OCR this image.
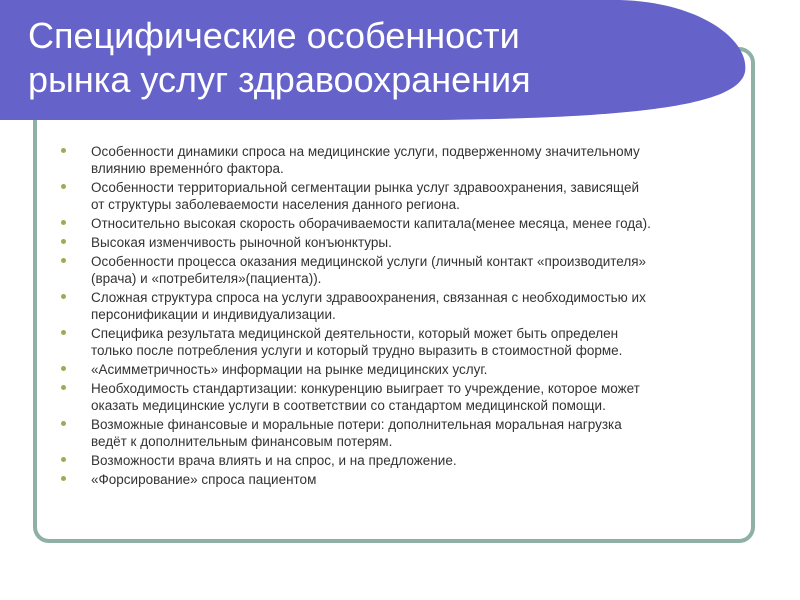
Специфические особенности
рынка услуг здравоохранения
Особенности динамики спроса на медицинские услуги, подверженному значительному
влиянию временно́го фактора.
Особенности территориальной сегментации рынка услуг здравоохранения, зависящей
от структуры заболеваемости населения данного региона.
Относительно высокая скорость оборачиваемости капитала(менее месяца, менее года).
Высокая изменчивость рыночной конъюнктуры.
Особенности процесса оказания медицинской услуги (личный контакт «производителя»
(врача) и «потребителя»(пациента)).
Сложная структура спроса на услуги здравоохранения, связанная с необходимостью их
персонификации и индивидуализации.
Специфика результата медицинской деятельности, который может быть определен
только после потребления услуги и который трудно выразить в стоимостной форме.
«Асимметричность» информации на рынке медицинских услуг.
Необходимость стандартизации: конкуренцию выиграет то учреждение, которое может
оказать медицинские услуги в соответствии со стандартом медицинской помощи.
Возможные финансовые и моральные потери: дополнительная моральная нагрузка
ведёт к дополнительным финансовым потерям.
Возможности врача влиять и на спрос, и на предложение.
«Форсирование» спроса пациентом
